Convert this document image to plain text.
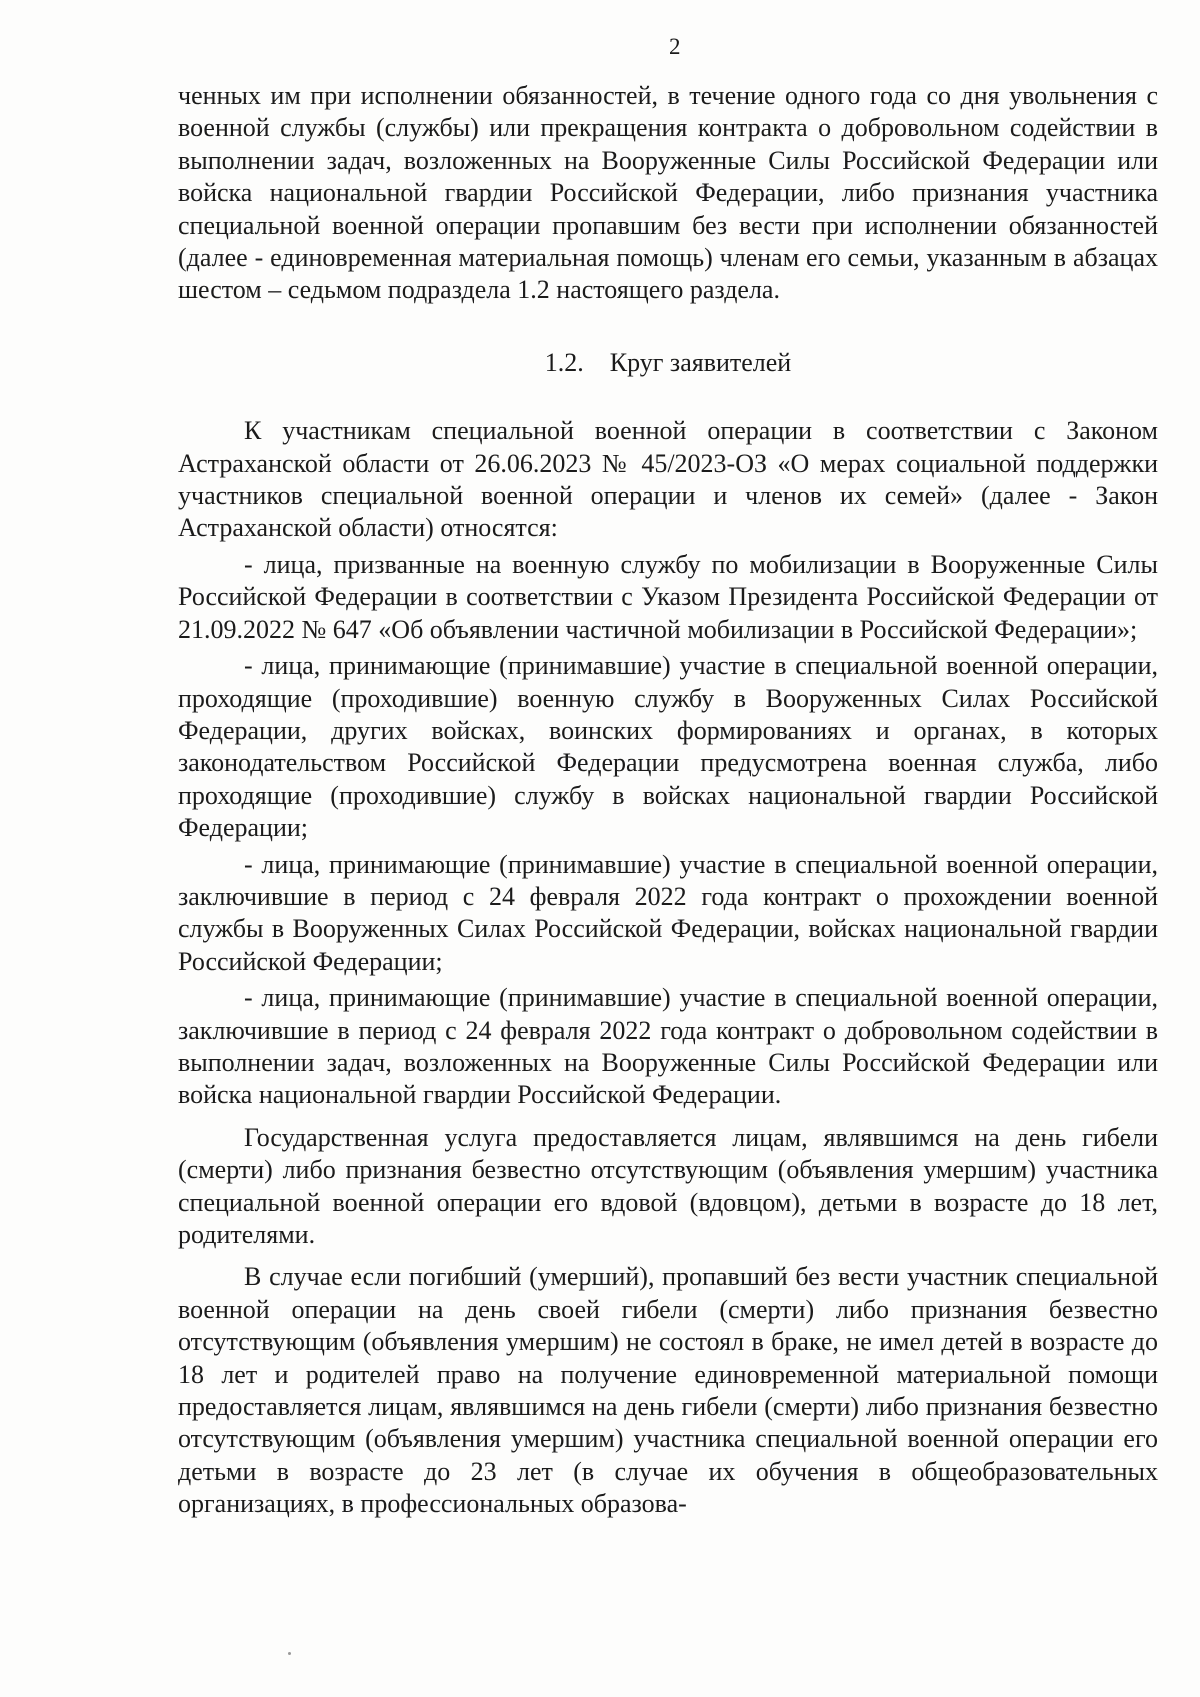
2

ченных им при исполнении обязанностей, в течение одного года со дня увольнения с военной службы (службы) или прекращения контракта о добровольном содействии в выполнении задач, возложенных на Вооруженные Силы Российской Федерации или войска национальной гвардии Российской Федерации, либо признания участника специальной военной операции пропавшим без вести при исполнении обязанностей (далее - единовременная материальная помощь) членам его семьи, указанным в абзацах шестом – седьмом подраздела 1.2 настоящего раздела.

1.2. Круг заявителей

К участникам специальной военной операции в соответствии с Законом Астраханской области от 26.06.2023 № 45/2023-ОЗ «О мерах социальной поддержки участников специальной военной операции и членов их семей» (далее - Закон Астраханской области) относятся:

- лица, призванные на военную службу по мобилизации в Вооруженные Силы Российской Федерации в соответствии с Указом Президента Российской Федерации от 21.09.2022 № 647 «Об объявлении частичной мобилизации в Российской Федерации»;

- лица, принимающие (принимавшие) участие в специальной военной операции, проходящие (проходившие) военную службу в Вооруженных Силах Российской Федерации, других войсках, воинских формированиях и органах, в которых законодательством Российской Федерации предусмотрена военная служба, либо проходящие (проходившие) службу в войсках национальной гвардии Российской Федерации;

- лица, принимающие (принимавшие) участие в специальной военной операции, заключившие в период с 24 февраля 2022 года контракт о прохождении военной службы в Вооруженных Силах Российской Федерации, войсках национальной гвардии Российской Федерации;

- лица, принимающие (принимавшие) участие в специальной военной операции, заключившие в период с 24 февраля 2022 года контракт о добровольном содействии в выполнении задач, возложенных на Вооруженные Силы Российской Федерации или войска национальной гвардии Российской Федерации.

Государственная услуга предоставляется лицам, являвшимся на день гибели (смерти) либо признания безвестно отсутствующим (объявления умершим) участника специальной военной операции его вдовой (вдовцом), детьми в возрасте до 18 лет, родителями.

В случае если погибший (умерший), пропавший без вести участник специальной военной операции на день своей гибели (смерти) либо признания безвестно отсутствующим (объявления умершим) не состоял в браке, не имел детей в возрасте до 18 лет и родителей право на получение единовременной материальной помощи предоставляется лицам, являвшимся на день гибели (смерти) либо признания безвестно отсутствующим (объявления умершим) участника специальной военной операции его детьми в возрасте до 23 лет (в случае их обучения в общеобразовательных организациях, в профессиональных образова-
